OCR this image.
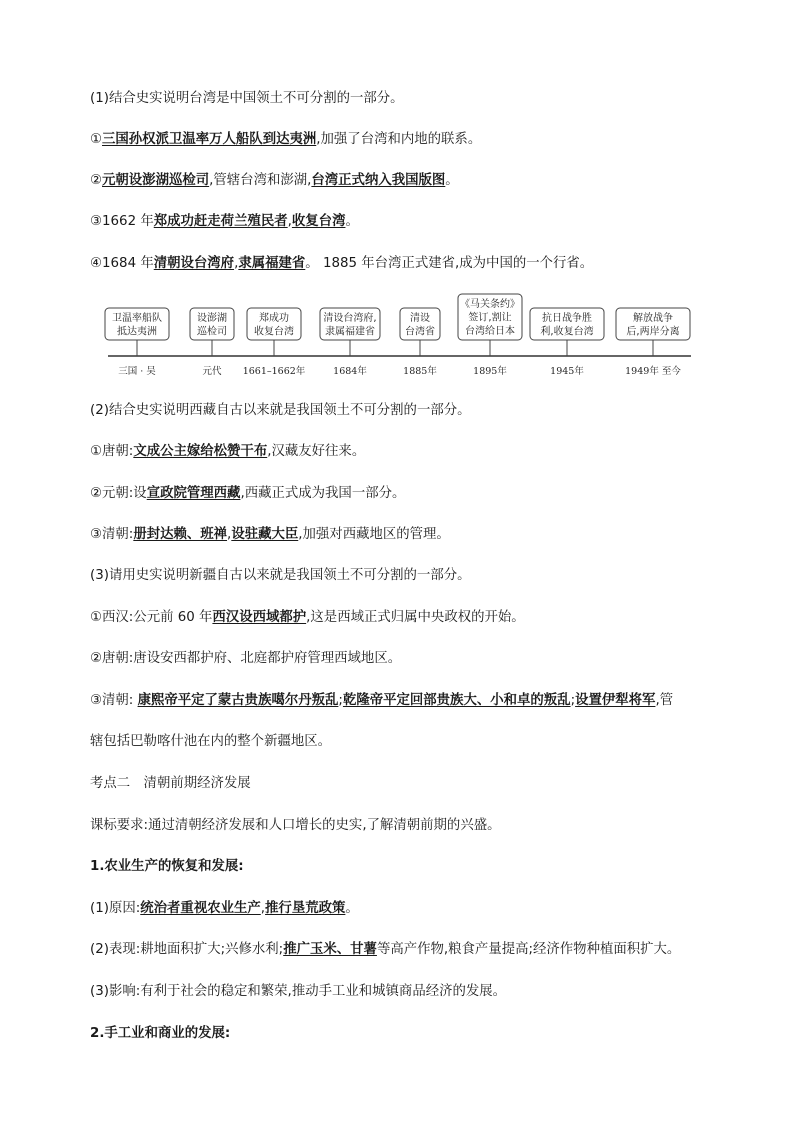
(1)结合史实说明台湾是中国领土不可分割的一部分。
①三国孙权派卫温率万人船队到达夷洲,加强了台湾和内地的联系。
②元朝设澎湖巡检司,管辖台湾和澎湖,台湾正式纳入我国版图。
③1662 年郑成功赶走荷兰殖民者,收复台湾。
④1684 年清朝设台湾府,隶属福建省。 1885 年台湾正式建省,成为中国的一个行省。
卫温率船队
抵达夷洲
三国 · 吴
设澎湖
巡检司
元代
郑成功
收复台湾
1661–1662年
清设台湾府,
隶属福建省
1684年
清设
台湾省
1885年
《马关条约》
签订,割让
台湾给日本
1895年
抗日战争胜
利,收复台湾
1945年
解放战争
后,两岸分离
1949年 至今
(2)结合史实说明西藏自古以来就是我国领土不可分割的一部分。
①唐朝:文成公主嫁给松赞干布,汉藏友好往来。
②元朝:设宣政院管理西藏,西藏正式成为我国一部分。
③清朝:册封达赖、班禅,设驻藏大臣,加强对西藏地区的管理。
(3)请用史实说明新疆自古以来就是我国领土不可分割的一部分。
①西汉:公元前 60 年西汉设西域都护,这是西域正式归属中央政权的开始。
②唐朝:唐设安西都护府、北庭都护府管理西域地区。
③清朝: 康熙帝平定了蒙古贵族噶尔丹叛乱;乾隆帝平定回部贵族大、小和卓的叛乱;设置伊犁将军,管
辖包括巴勒喀什池在内的整个新疆地区。
考点二　清朝前期经济发展
课标要求:通过清朝经济发展和人口增长的史实,了解清朝前期的兴盛。
1.农业生产的恢复和发展:
(1)原因:统治者重视农业生产,推行垦荒政策。
(2)表现:耕地面积扩大;兴修水利;推广玉米、甘薯等高产作物,粮食产量提高;经济作物种植面积扩大。
(3)影响:有利于社会的稳定和繁荣,推动手工业和城镇商品经济的发展。
2.手工业和商业的发展:
